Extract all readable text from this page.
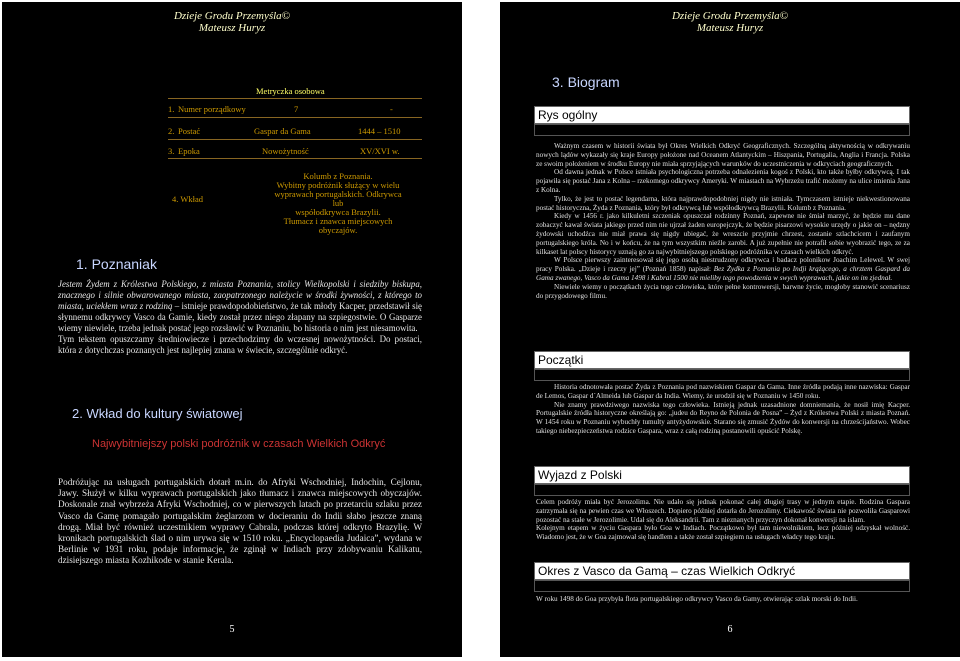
Dzieje Grodu Przemyśla©
Mateusz Huryz
Metryczka osobowa
1. Numer porządkowy	7	-
2. Postać	Gaspar da Gama	1444 – 1510
3. Epoka	Nowożytność	XV/XVI w.
4. Wkład
Kolumb z Poznania.
Wybitny podróżnik służący w wielu
wyprawach portugalskich. Odkrywca lub
współodkrywca Brazylii.
Tłumacz i znawca miejscowych obyczajów.
1. Poznaniak
Jestem Żydem z Królestwa Polskiego, z miasta Poznania, stolicy Wielkopolski i siedziby biskupa, znacznego i silnie obwarowanego miasta, zaopatrzonego należycie w środki żywności, z którego to miasta, uciekłem wraz z rodziną – istnieje prawdopodobieństwo, że tak młody Kacper, przedstawił się słynnemu odkrywcy Vasco da Gamie, kiedy został przez niego złapany na szpiegostwie. O Gasparze wiemy niewiele, trzeba jednak postać jego rozsławić w Poznaniu, bo historia o nim jest niesamowita.
Tym tekstem opuszczamy średniowiecze i przechodzimy do wczesnej nowożytności. Do postaci, która z dotychczas poznanych jest najlepiej znana w świecie, szczególnie odkryć.
2. Wkład do kultury światowej
Najwybitniejszy polski podróżnik w czasach Wielkich Odkryć
Podróżując na usługach portugalskich dotarł m.in. do Afryki Wschodniej, Indochin, Cejlonu, Jawy. Służył w kilku wyprawach portugalskich jako tłumacz i znawca miejscowych obyczajów. Doskonale znał wybrzeża Afryki Wschodniej, co w pierwszych latach po przetarciu szlaku przez Vasco da Gamę pomagało portugalskim żeglarzom w docieraniu do Indii słabo jeszcze znaną drogą. Miał być również uczestnikiem wyprawy Cabrala, podczas której odkryto Brazylię. W kronikach portugalskich ślad o nim urywa się w 1510 roku. „Encyclopaedia Judaica”, wydana w Berlinie w 1931 roku, podaje informacje, że zginął w Indiach przy zdobywaniu Kalikatu, dzisiejszego miasta Kozhikode w stanie Kerala.
5
Dzieje Grodu Przemyśla©
Mateusz Huryz
3. Biogram
Rys ogólny

Ważnym czasem w historii świata był Okres Wielkich Odkryć Geograficznych. Szczególną aktywnością w odkrywaniu nowych lądów wykazały się kraje Europy położone nad Oceanem Atlantyckim – Hiszpania, Portugalia, Anglia i Francja. Polska ze swoim położeniem w środku Europy nie miała sprzyjających warunków do uczestniczenia w odkryciach geograficznych.

Od dawna jednak w Polsce istniała psychologiczna potrzeba odnalezienia kogoś z Polski, kto także byłby odkrywcą. I tak pojawiła się postać Jana z Kolna – rzekomego odkrywcy Ameryki. W miastach na Wybrzeżu trafić możemy na ulice imienia Jana z Kolna.

Tylko, że jest to postać legendarna, która najprawdopodobniej nigdy nie istniała. Tymczasem istnieje niekwestionowana postać historyczna, Żyda z Poznania, który był odkrywcą lub współodkrywcą Brazylii. Kolumb z Poznania.

Kiedy w 1456 r. jako kilkuletni szczeniak opuszczał rodzinny Poznań, zapewne nie śmiał marzyć, że będzie mu dane zobaczyć kawał świata jakiego przed nim nie ujrzał żaden europejczyk, że będzie pisarzowi wysokie urzędy o jakie on – nędzny żydowski uchodźca nie miał prawa się nigdy ubiegać, że wreszcie przyjmie chrzest, zostanie szlachcicem i zaufanym portugalskiego króla. No i w końcu, że na tym wszystkim nieźle zarobi. A już zupełnie nie potrafił sobie wyobrazić tego, ze za kilkaset lat polscy historycy uznają go za najwybitniejszego polskiego podróżnika w czasach wielkich odkryć.

W Polsce pierwszy zainteresował się jego osobą niestrudzony odkrywca i badacz polonikow Joachim Lelewel. W swej pracy Polska. „Dzieje i rzeczy jej” (Poznań 1858) napisał: Bez Żydka z Poznania po Indji krążącego, a chrztem Gaspard da Gama zwanego, Vasco da Gama 1498 i Kabral 1500 nie mieliby tego powodzenia w swych wyprawach, jakie on im zjednał.

Niewiele wiemy o początkach życia tego człowieka, które pełne kontrowersji, barwne życie, mogłoby stanowić scenariusz do przygodowego filmu.

Początki

Historia odnotowała postać Żyda z Poznania pod nazwiskiem Gaspar da Gama. Inne źródła podają inne nazwiska: Gaspar de Lemos, Gaspar d´Almeida lub Gaspar da India. Wiemy, że urodził się w Poznaniu w 1450 roku.

Nie znamy prawdziwego nazwiska tego człowieka. Istnieją jednak uzasadnione domniemania, że nosił imię Kacper. Portugalskie źródła historyczne określają go: „judeu do Reyno de Polonia de Posna” – Żyd z Królestwa Polski z miasta Poznań. W 1454 roku w Poznaniu wybuchły tumulty antyżydowskie. Starano się zmusić Żydów do konwersji na chrześcijaństwo. Wobec takiego niebezpieczeństwa rodzice Gaspara, wraz z całą rodziną postanowili opuścić Polskę.

Wyjazd z Polski

Celem podróży miała być Jerozolima. Nie udało się jednak pokonać całej długiej trasy w jednym etapie. Rodzina Gaspara zatrzymała się na pewien czas we Włoszech. Dopiero później dotarła do Jerozolimy. Ciekawość świata nie pozwoliła Gasparowi pozostać na stałe w Jerozolimie. Udał się do Aleksandrii. Tam z nieznanych przyczyn dokonał konwersji na islam.

Kolejnym etapem w życiu Gaspara było Goa w Indiach. Początkowo był tam niewolnikiem, lecz później odzyskał wolność. Wiadomo jest, że w Goa zajmował się handlem a także został szpiegiem na usługach władcy tego kraju.

Okres z Vasco da Gamą – czas Wielkich Odkryć

W roku 1498 do Goa przybyła flota portugalskiego odkrywcy Vasco da Gamy, otwierając szlak morski do Indii.

6
